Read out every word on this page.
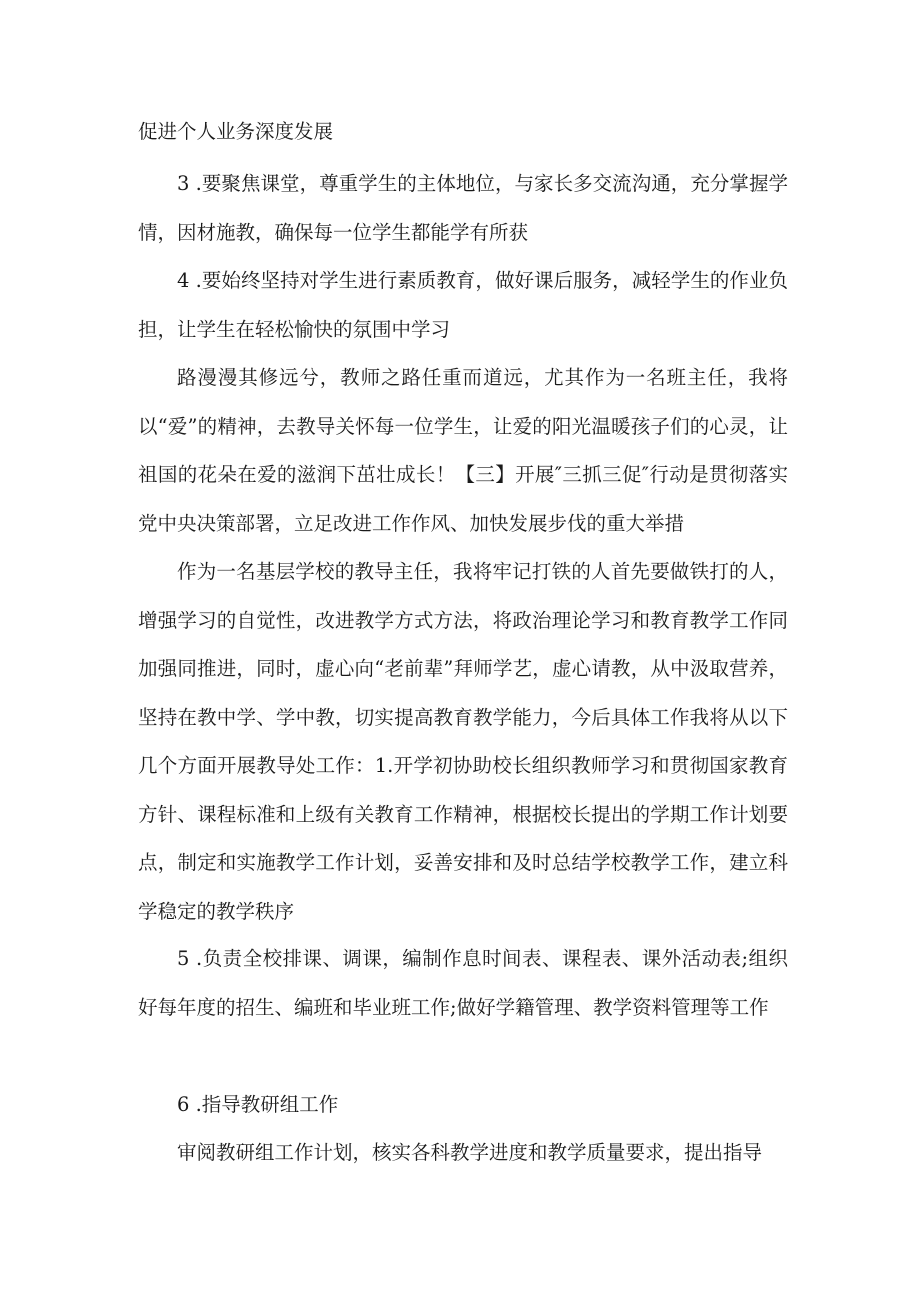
促进个人业务深度发展

3 .要聚焦课堂，尊重学生的主体地位，与家长多交流沟通，充分掌握学情，因材施教，确保每一位学生都能学有所获

4 .要始终坚持对学生进行素质教育，做好课后服务，减轻学生的作业负担，让学生在轻松愉快的氛围中学习

路漫漫其修远兮，教师之路任重而道远，尤其作为一名班主任，我将以“爱”的精神，去教导关怀每一位学生，让爱的阳光温暖孩子们的心灵，让祖国的花朵在爱的滋润下茁壮成长！【三】开展″三抓三促″行动是贯彻落实党中央决策部署，立足改进工作作风、加快发展步伐的重大举措

作为一名基层学校的教导主任，我将牢记打铁的人首先要做铁打的人，增强学习的自觉性，改进教学方式方法，将政治理论学习和教育教学工作同加强同推进，同时，虚心向“老前辈”拜师学艺，虚心请教，从中汲取营养，坚持在教中学、学中教，切实提高教育教学能力，今后具体工作我将从以下几个方面开展教导处工作：1.开学初协助校长组织教师学习和贯彻国家教育方针、课程标准和上级有关教育工作精神，根据校长提出的学期工作计划要点，制定和实施教学工作计划，妥善安排和及时总结学校教学工作，建立科学稳定的教学秩序

5 .负责全校排课、调课，编制作息时间表、课程表、课外活动表;组织好每年度的招生、编班和毕业班工作;做好学籍管理、教学资料管理等工作

6 .指导教研组工作

审阅教研组工作计划，核实各科教学进度和教学质量要求，提出指导
